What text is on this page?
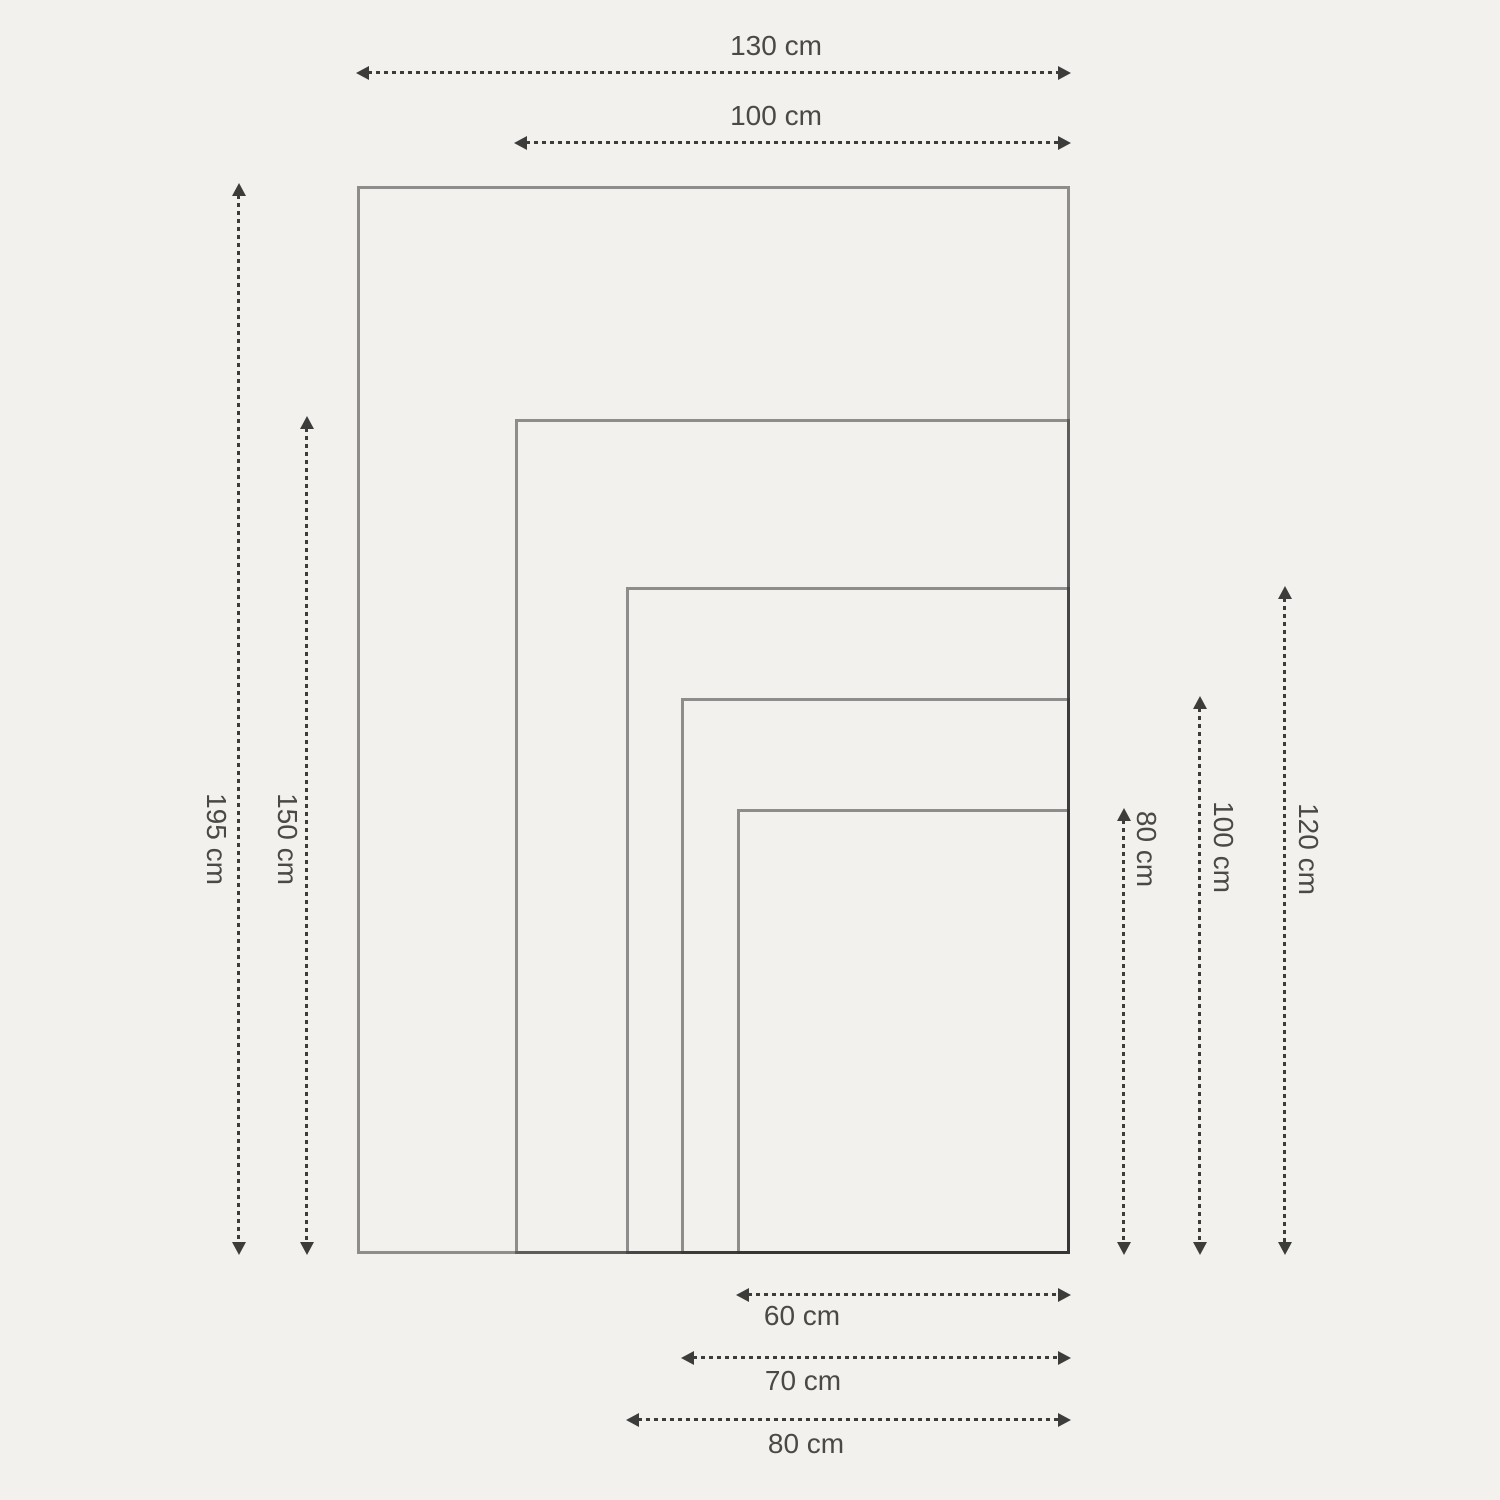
130 cm
100 cm
195 cm 150 cm	80 cm 100 cm 120 cm
60 cm
70 cm
80 cm
